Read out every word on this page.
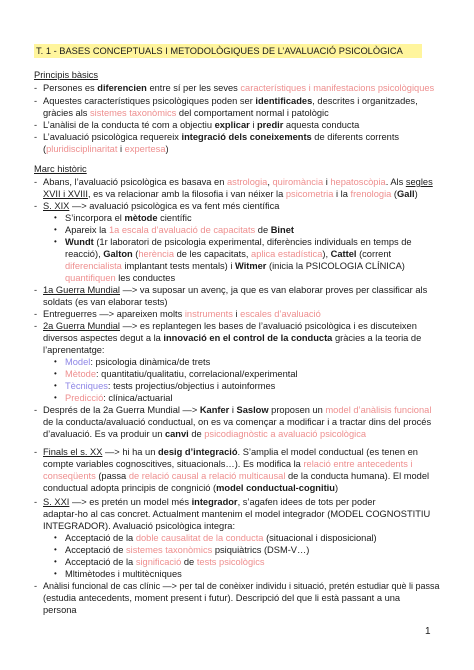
T. 1 - BASES CONCEPTUALS I METODOLÒGIQUES DE L’AVALUACIÓ PSICOLÒGICA
Principis bàsics
- Persones es diferencien entre sí per les seves característiques i manifestacions psicològiques
- Aquestes característiques psicològiques poden ser identificades, descrites i organitzades,
gràcies als sistemes taxonòmics del comportament normal i patològic
- L’anàlisi de la conducta té com a objectiu explicar i predir aquesta conducta
- L’avaluació psicològica requereix integració dels coneixements de diferents corrents
(pluridisciplinaritat i expertesa)
Marc històric
- Abans, l’avaluació psicològica es basava en astrologia, quiromància i hepatoscòpia. Als segles
XVII i XVIII, es va relacionar amb la filosofia i van néixer la psicometria i la frenologia (Gall)
- S. XIX —> avaluació psicològica es va fent més científica
• S’incorpora el mètode científic
• Apareix la 1a escala d’avaluació de capacitats de Binet
• Wundt (1r laboratori de psicologia experimental, diferències individuals en temps de
reacció), Galton (herència de les capacitats, aplica estadística), Cattel (corrent
diferencialista implantant tests mentals) i Witmer (inicia la PSICOLOGIA CLÍNICA)
quantifiquen les conductes
- 1a Guerra Mundial —> va suposar un avenç, ja que es van elaborar proves per classificar als
soldats (es van elaborar tests)
- Entreguerres —> apareixen molts instruments i escales d’avaluació
- 2a Guerra Mundial —> es replantegen les bases de l’avaluació psicològica i es discuteixen
diversos aspectes degut a la innovació en el control de la conducta gràcies a la teoria de
l’aprenentatge:
• Model: psicologia dinàmica/de trets
• Mètode: quantitatiu/qualitatiu, correlacional/experimental
• Tècniques: tests projectius/objectius i autoinformes
• Predicció: clínica/actuarial
- Després de la 2a Guerra Mundial —> Kanfer i Saslow proposen un model d’anàlisis funcional
de la conducta/avaluació conductual, on es va començar a modificar i a tractar dins del procés
d’avaluació. Es va produir un canvi de psicodiagnòstic a avaluació psicològica
- Finals el s. XX —> hi ha un desig d’integració. S’amplia el model conductual (es tenen en
compte variables cognoscitives, situacionals…). Es modifica la relació entre antecedents i
conseqüents (passa de relació causal a relació multicausal de la conducta humana). El model
conductual adopta principis de congnició (model conductual-cognitiu)
- S. XXI —> es pretén un model més integrador, s’agafen idees de tots per poder
adaptar-ho al cas concret. Actualment mantenim el model integrador (MODEL COGNOSTITIU
INTEGRADOR). Avaluació psicològica integra:
• Acceptació de la doble causalitat de la conducta (situacional i disposicional)
• Acceptació de sistemes taxonòmics psiquiàtrics (DSM-V…)
• Acceptació de la significació de tests psicològics
• Mltimètodes i multitècniques
- Anàlisi funcional de cas clínic —> per tal de conèixer individu i situació, pretén estudiar què li passa
(estudia antecedents, moment present i futur). Descripció del que li està passant a una
persona
1
